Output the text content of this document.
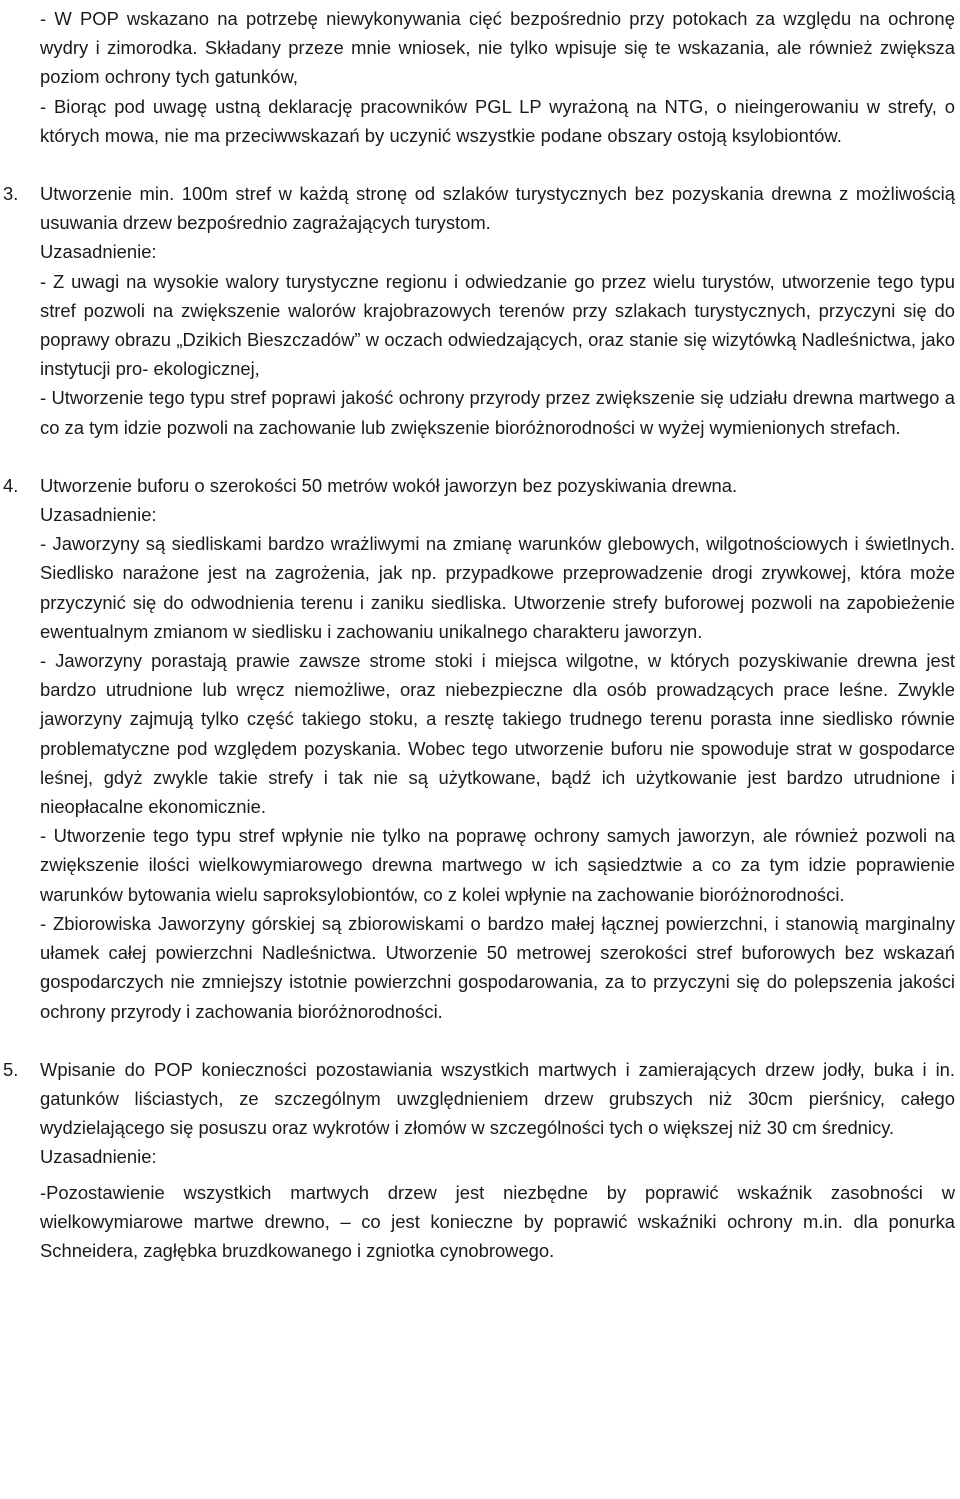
- W POP wskazano na potrzebę niewykonywania cięć bezpośrednio przy potokach za względu na ochronę wydry i zimorodka. Składany przeze mnie wniosek, nie tylko wpisuje się te wskazania, ale również zwiększa poziom ochrony tych gatunków,

- Biorąc pod uwagę ustną deklarację pracowników PGL LP wyrażoną na NTG, o nieingerowaniu w strefy, o których mowa, nie ma przeciwwskazań by uczynić wszystkie podane obszary ostoją ksylobiontów.

3. Utworzenie min. 100m stref w każdą stronę od szlaków turystycznych bez pozyskania drewna z możliwością usuwania drzew bezpośrednio zagrażających turystom.

Uzasadnienie:

- Z uwagi na wysokie walory turystyczne regionu i odwiedzanie go przez wielu turystów, utworzenie tego typu stref pozwoli na zwiększenie walorów krajobrazowych terenów przy szlakach turystycznych, przyczyni się do poprawy obrazu „Dzikich Bieszczadów” w oczach odwiedzających, oraz stanie się wizytówką Nadleśnictwa, jako instytucji pro- ekologicznej,

- Utworzenie tego typu stref poprawi jakość ochrony przyrody przez zwiększenie się udziału drewna martwego a co za tym idzie pozwoli na zachowanie lub zwiększenie bioróżnorodności w wyżej wymienionych strefach.

4. Utworzenie buforu o szerokości 50 metrów wokół jaworzyn bez pozyskiwania drewna.

Uzasadnienie:

- Jaworzyny są siedliskami bardzo wrażliwymi na zmianę warunków glebowych, wilgotnościowych i świetlnych. Siedlisko narażone jest na zagrożenia, jak np. przypadkowe przeprowadzenie drogi zrywkowej, która może przyczynić się do odwodnienia terenu i zaniku siedliska. Utworzenie strefy buforowej pozwoli na zapobieżenie ewentualnym zmianom w siedlisku i zachowaniu unikalnego charakteru jaworzyn.

- Jaworzyny porastają prawie zawsze strome stoki i miejsca wilgotne, w których pozyskiwanie drewna jest bardzo utrudnione lub wręcz niemożliwe, oraz niebezpieczne dla osób prowadzących prace leśne. Zwykle jaworzyny zajmują tylko część takiego stoku, a resztę takiego trudnego terenu porasta inne siedlisko równie problematyczne pod względem pozyskania. Wobec tego utworzenie buforu nie spowoduje strat w gospodarce leśnej, gdyż zwykle takie strefy i tak nie są użytkowane, bądź ich użytkowanie jest bardzo utrudnione i nieopłacalne ekonomicznie.

- Utworzenie tego typu stref wpłynie nie tylko na poprawę ochrony samych jaworzyn, ale również pozwoli na zwiększenie ilości wielkowymiarowego drewna martwego w ich sąsiedztwie a co za tym idzie poprawienie warunków bytowania wielu saproksylobiontów, co z kolei wpłynie na zachowanie bioróżnorodności.

- Zbiorowiska Jaworzyny górskiej są zbiorowiskami o bardzo małej łącznej powierzchni, i stanowią marginalny ułamek całej powierzchni Nadleśnictwa. Utworzenie 50 metrowej szerokości stref buforowych bez wskazań gospodarczych nie zmniejszy istotnie powierzchni gospodarowania, za to przyczyni się do polepszenia jakości ochrony przyrody i zachowania bioróżnorodności.

5. Wpisanie do POP konieczności pozostawiania wszystkich martwych i zamierających drzew jodły, buka i in. gatunków liściastych, ze szczególnym uwzględnieniem drzew grubszych niż 30cm pierśnicy, całego wydzielającego się posuszu oraz wykrotów i złomów w szczególności tych o większej niż 30 cm średnicy.

Uzasadnienie:

-Pozostawienie wszystkich martwych drzew jest niezbędne by poprawić wskaźnik zasobności w wielkowymiarowe martwe drewno, – co jest konieczne by poprawić wskaźniki ochrony m.in. dla ponurka Schneidera, zagłębka bruzdkowanego i zgniotka cynobrowego.
